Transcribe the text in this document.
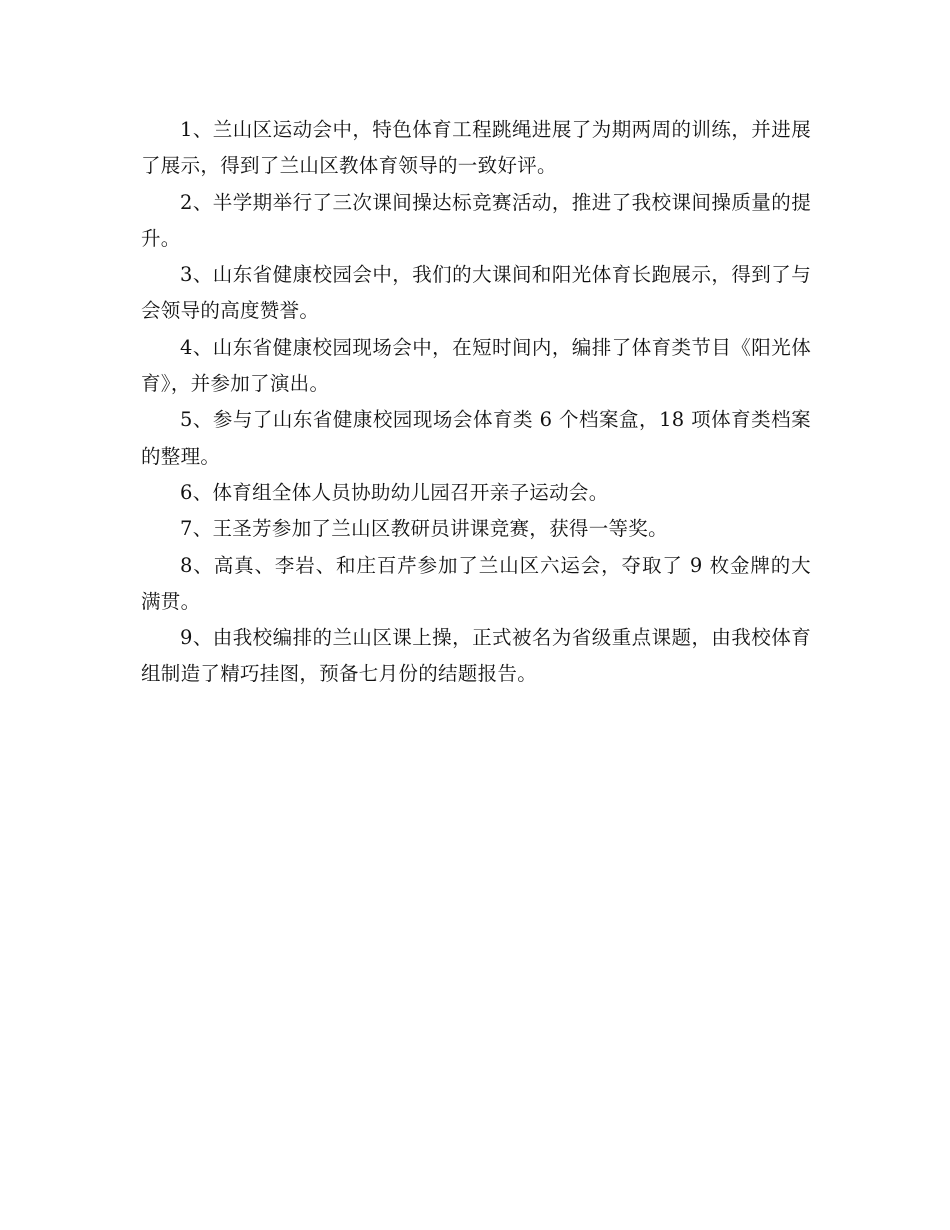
1、兰山区运动会中，特色体育工程跳绳进展了为期两周的训练，并进展了展示，得到了兰山区教体育领导的一致好评。

2、半学期举行了三次课间操达标竞赛活动，推进了我校课间操质量的提升。

3、山东省健康校园会中，我们的大课间和阳光体育长跑展示，得到了与会领导的高度赞誉。

4、山东省健康校园现场会中，在短时间内，编排了体育类节目《阳光体育》，并参加了演出。

5、参与了山东省健康校园现场会体育类 6 个档案盒，18 项体育类档案的整理。

6、体育组全体人员协助幼儿园召开亲子运动会。

7、王圣芳参加了兰山区教研员讲课竞赛，获得一等奖。

8、高真、李岩、和庄百芹参加了兰山区六运会，夺取了 9 枚金牌的大满贯。

9、由我校编排的兰山区课上操，正式被名为省级重点课题，由我校体育组制造了精巧挂图，预备七月份的结题报告。
